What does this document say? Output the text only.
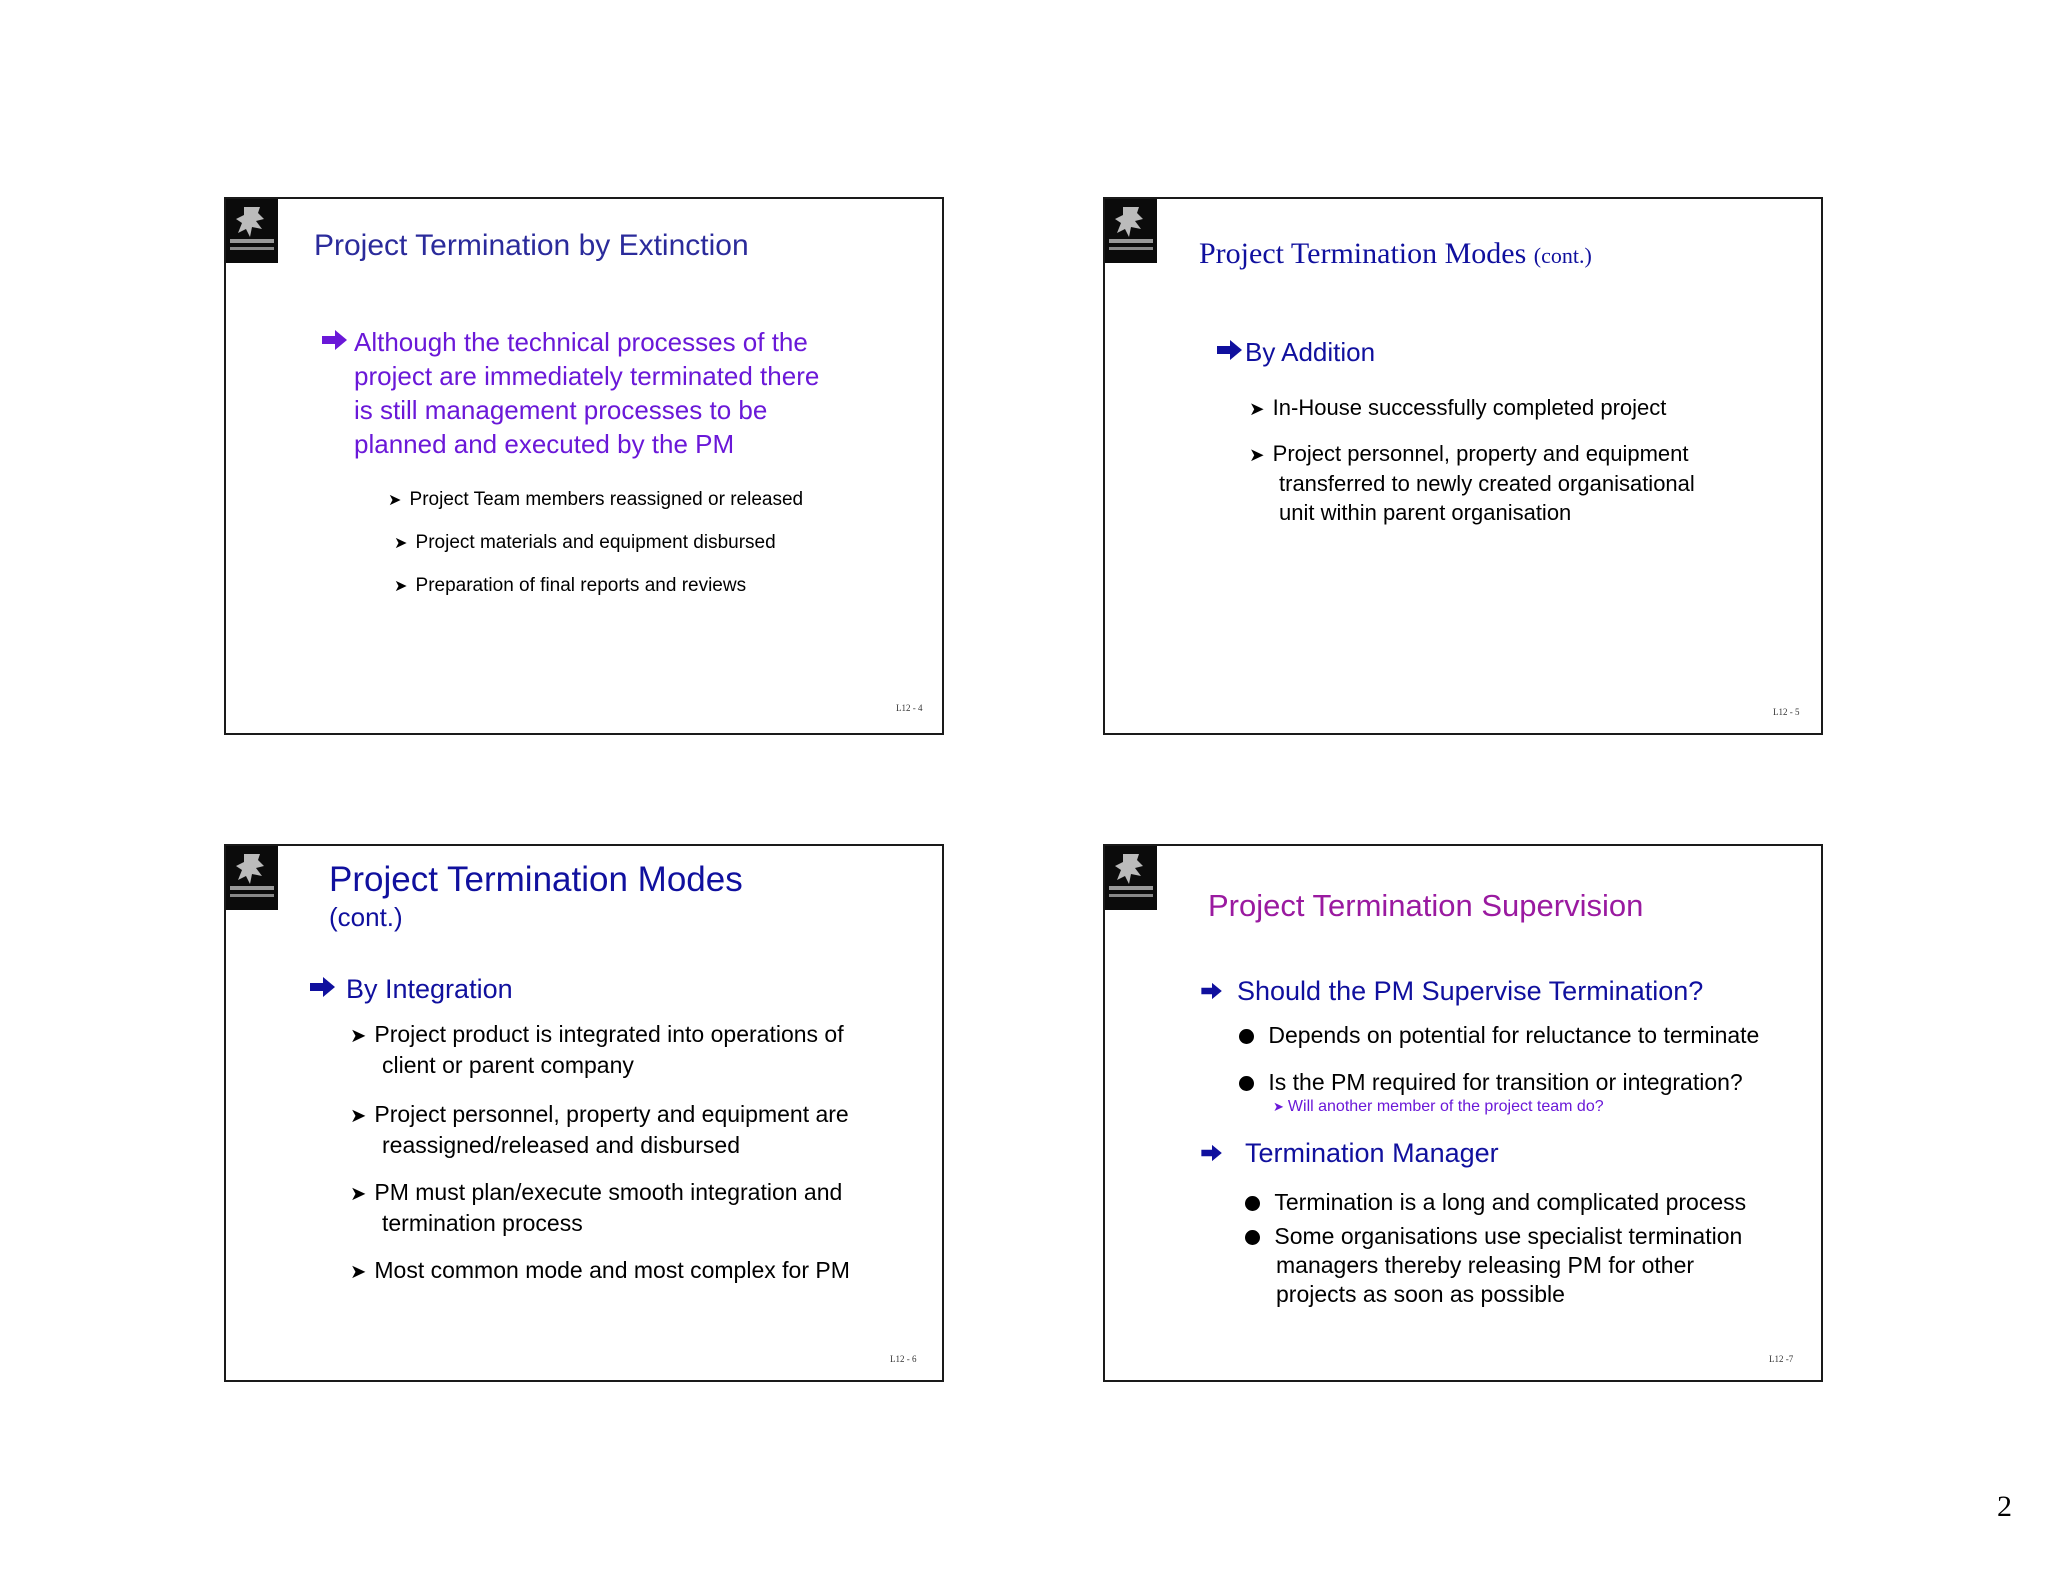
Project Termination by Extinction
Although the technical processes of the
project are immediately terminated there
is still management processes to be
planned and executed by the PM
➤ Project Team members reassigned or released
➤ Project materials and equipment disbursed
➤ Preparation of final reports and reviews
L12 - 4
Project Termination Modes (cont.)
By Addition
➤ In-House successfully completed project
➤ Project personnel, property and equipment
transferred to newly created organisational
unit within parent organisation
L12 - 5
Project Termination Modes
(cont.)
By Integration
➤ Project product is integrated into operations of
client or parent company
➤ Project personnel, property and equipment are
reassigned/released and disbursed
➤ PM must plan/execute smooth integration and
termination process
➤ Most common mode and most complex for PM
L12 - 6
Project Termination Supervision
Should the PM Supervise Termination?
Depends on potential for reluctance to terminate
Is the PM required for transition or integration?
➤ Will another member of the project team do?
Termination Manager
Termination is a long and complicated process
Some organisations use specialist termination
managers thereby releasing PM for other
projects as soon as possible
L12 -7
2
